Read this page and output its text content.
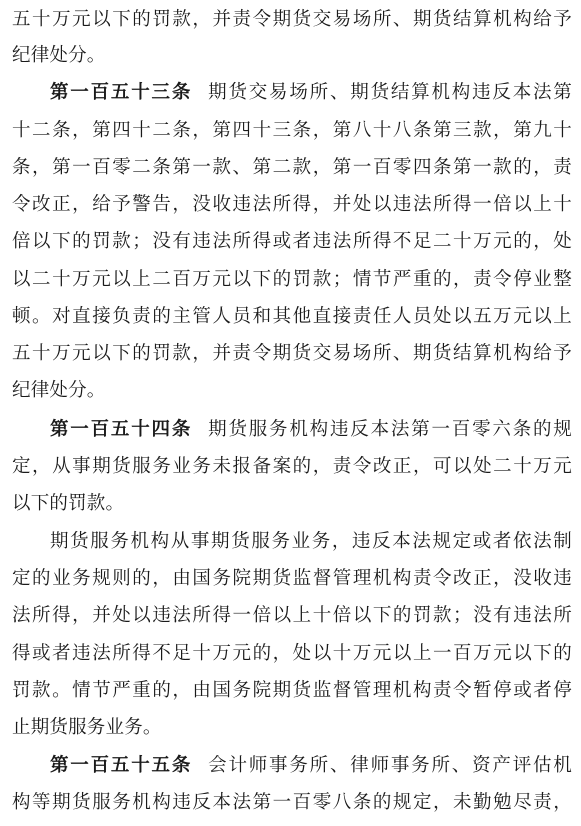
五十万元以下的罚款，并责令期货交易场所、期货结算机构给予
纪律处分。
第一百五十三条 期货交易场所、期货结算机构违反本法第
十二条，第四十二条，第四十三条，第八十八条第三款，第九十
条，第一百零二条第一款、第二款，第一百零四条第一款的，责
令改正，给予警告，没收违法所得，并处以违法所得一倍以上十
倍以下的罚款；没有违法所得或者违法所得不足二十万元的，处
以二十万元以上二百万元以下的罚款；情节严重的，责令停业整
顿。对直接负责的主管人员和其他直接责任人员处以五万元以上
五十万元以下的罚款，并责令期货交易场所、期货结算机构给予
纪律处分。
第一百五十四条 期货服务机构违反本法第一百零六条的规
定，从事期货服务业务未报备案的，责令改正，可以处二十万元
以下的罚款。
期货服务机构从事期货服务业务，违反本法规定或者依法制
定的业务规则的，由国务院期货监督管理机构责令改正，没收违
法所得，并处以违法所得一倍以上十倍以下的罚款；没有违法所
得或者违法所得不足十万元的，处以十万元以上一百万元以下的
罚款。情节严重的，由国务院期货监督管理机构责令暂停或者停
止期货服务业务。
第一百五十五条 会计师事务所、律师事务所、资产评估机
构等期货服务机构违反本法第一百零八条的规定，未勤勉尽责，
